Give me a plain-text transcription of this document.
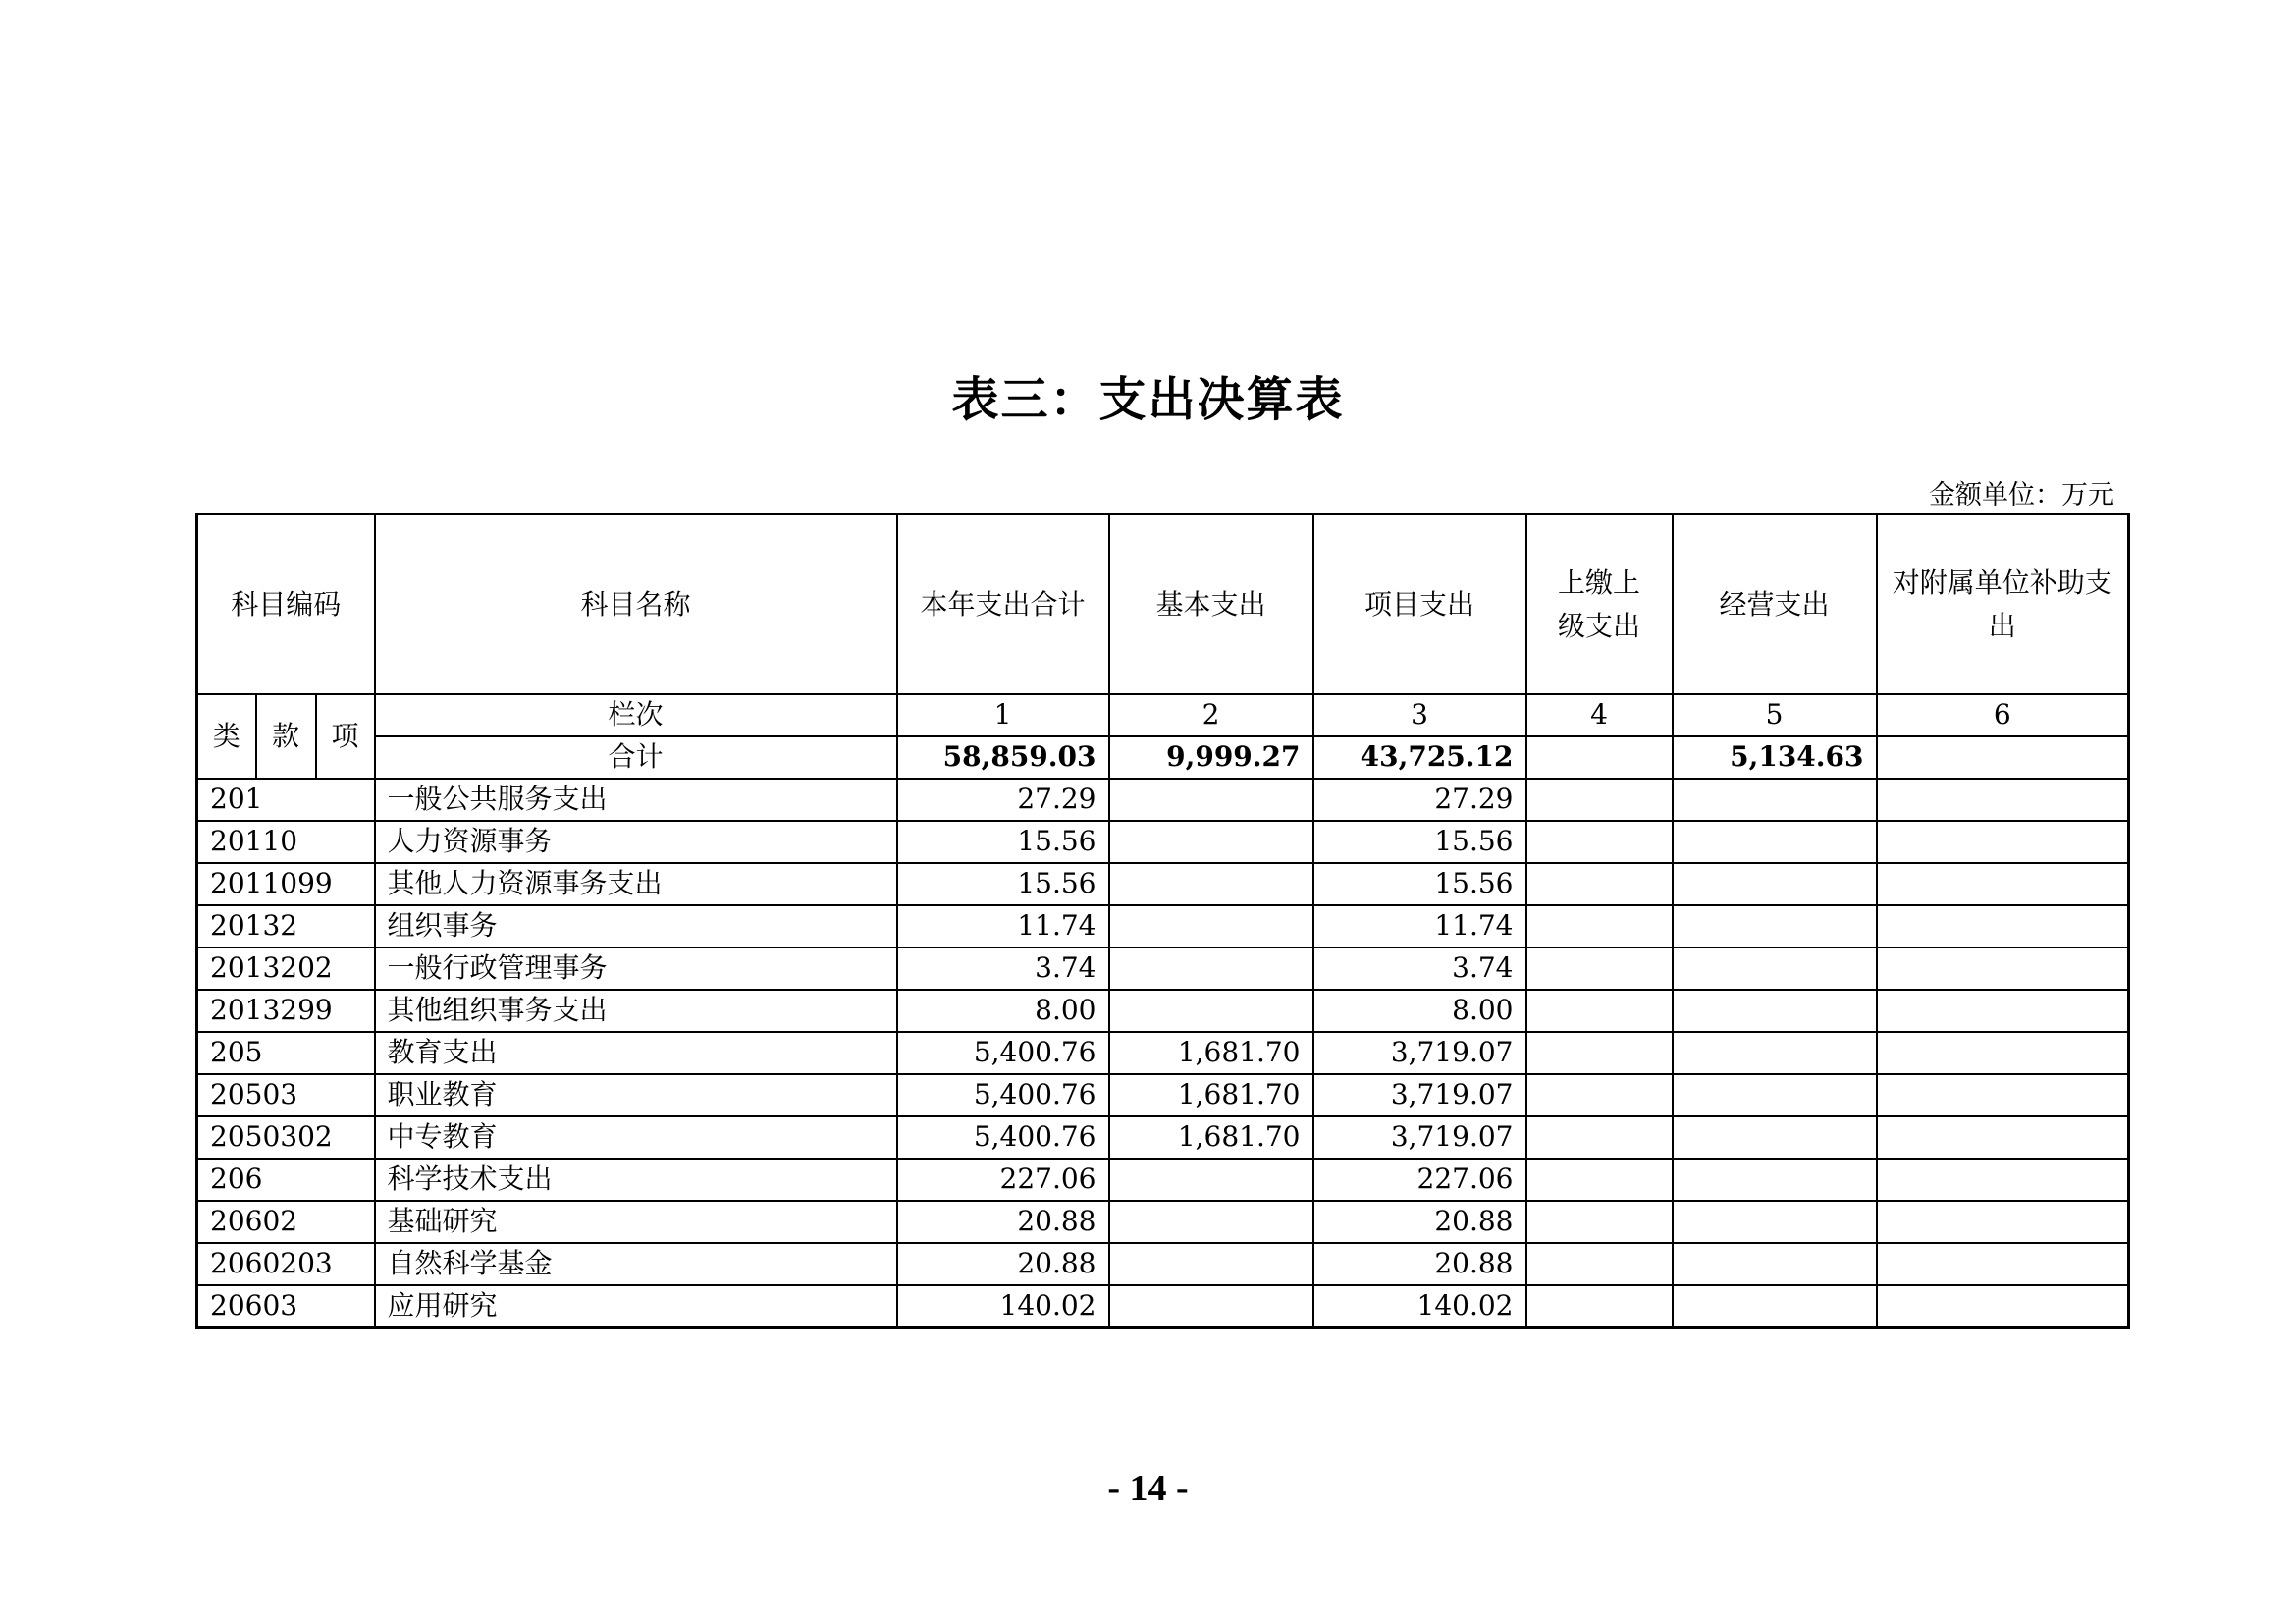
表三：支出决算表
金额单位：万元
科目编码			科目名称	本年支出合计	基本支出	项目支出	上缴上级支出	经营支出	对附属单位补助支出
类	款	项	栏次	1	2	3	4	5	6
			合计	58,859.03	9,999.27	43,725.12		5,134.63	
201			一般公共服务支出	27.29		27.29			
20110			人力资源事务	15.56		15.56			
2011099			其他人力资源事务支出	15.56		15.56			
20132			组织事务	11.74		11.74			
2013202			一般行政管理事务	3.74		3.74			
2013299			其他组织事务支出	8.00		8.00			
205			教育支出	5,400.76	1,681.70	3,719.07			
20503			职业教育	5,400.76	1,681.70	3,719.07			
2050302			中专教育	5,400.76	1,681.70	3,719.07			
206			科学技术支出	227.06		227.06			
20602			基础研究	20.88		20.88			
2060203			自然科学基金	20.88		20.88			
20603			应用研究	140.02		140.02			
- 14 -
